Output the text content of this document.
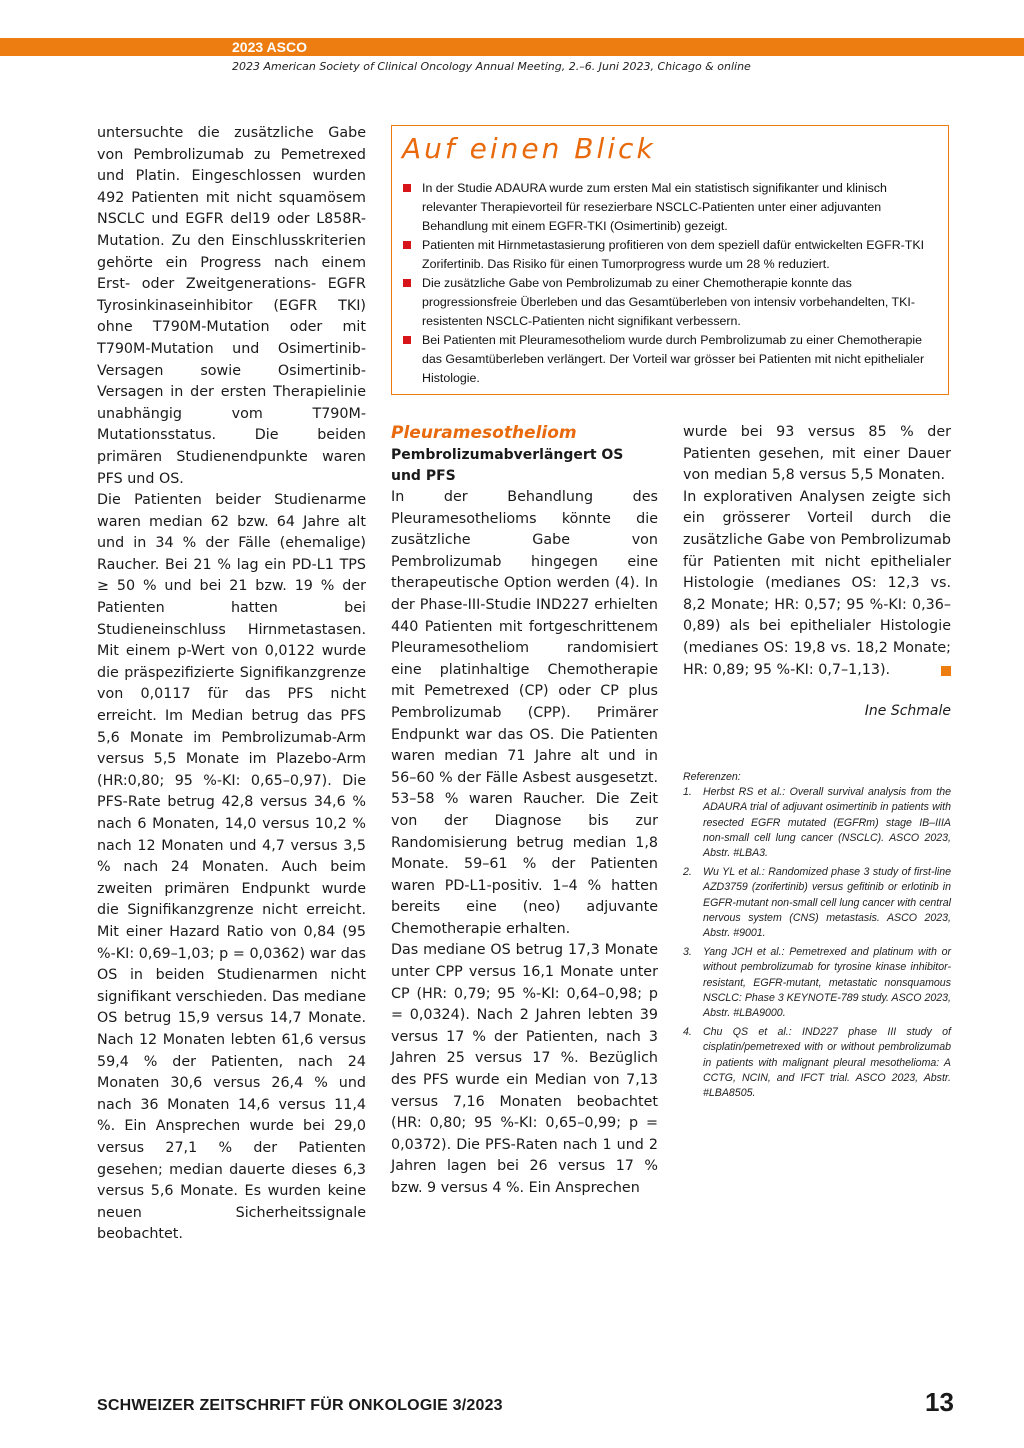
2023 ASCO
2023 American Society of Clinical Oncology Annual Meeting, 2.–6. Juni 2023, Chicago & online

untersuchte die zusätzliche Gabe von Pembrolizumab zu Pemetrexed und Platin. Eingeschlossen wurden 492 Patienten mit nicht squamösem NSCLC und EGFR del19 oder L858R-Mutation. Zu den Einschlusskriterien gehörte ein Progress nach einem Erst- oder Zweitgenerations- EGFR Tyrosinkinaseinhibitor (EGFR TKI) ohne T790M-Mutation oder mit T790M-Mutation und Osimertinib-Versagen sowie Osimertinib-Versagen in der ersten Therapielinie unabhängig vom T790M-Mutationsstatus. Die beiden primären Studienendpunkte waren PFS und OS.

Die Patienten beider Studienarme waren median 62 bzw. 64 Jahre alt und in 34 % der Fälle (ehemalige) Raucher. Bei 21 % lag ein PD-L1 TPS ≥ 50 % und bei 21 bzw. 19 % der Patienten hatten bei Studieneinschluss Hirnmetastasen. Mit einem p-Wert von 0,0122 wurde die präspezifizierte Signifikanzgrenze von 0,0117 für das PFS nicht erreicht. Im Median betrug das PFS 5,6 Monate im Pembrolizumab-Arm versus 5,5 Monate im Plazebo-Arm (HR:0,80; 95 %-KI: 0,65–0,97). Die PFS-Rate betrug 42,8 versus 34,6 % nach 6 Monaten, 14,0 versus 10,2 % nach 12 Monaten und 4,7 versus 3,5 % nach 24 Monaten. Auch beim zweiten primären Endpunkt wurde die Signifikanzgrenze nicht erreicht. Mit einer Hazard Ratio von 0,84 (95 %-KI: 0,69–1,03; p = 0,0362) war das OS in beiden Studienarmen nicht signifikant verschieden. Das mediane OS betrug 15,9 versus 14,7 Monate. Nach 12 Monaten lebten 61,6 versus 59,4 % der Patienten, nach 24 Monaten 30,6 versus 26,4 % und nach 36 Monaten 14,6 versus 11,4 %. Ein Ansprechen wurde bei 29,0 versus 27,1 % der Patienten gesehen; median dauerte dieses 6,3 versus 5,6 Monate. Es wurden keine neuen Sicherheitssignale beobachtet.

Auf einen Blick
In der Studie ADAURA wurde zum ersten Mal ein statistisch signifikanter und klinisch relevanter Therapievorteil für resezierbare NSCLC-Patienten unter einer adjuvanten Behandlung mit einem EGFR-TKI (Osimertinib) gezeigt.
Patienten mit Hirnmetastasierung profitieren von dem speziell dafür entwickelten EGFR-TKI Zorifertinib. Das Risiko für einen Tumorprogress wurde um 28 % reduziert.
Die zusätzliche Gabe von Pembrolizumab zu einer Chemotherapie konnte das progressionsfreie Überleben und das Gesamtüberleben von intensiv vorbehandelten, TKI-resistenten NSCLC-Patienten nicht signifikant verbessern.
Bei Patienten mit Pleuramesotheliom wurde durch Pembrolizumab zu einer Chemotherapie das Gesamtüberleben verlängert. Der Vorteil war grösser bei Patienten mit nicht epithelialer Histologie.

Pleuramesotheliom

Pembrolizumabverlängert OS und PFS

In der Behandlung des Pleuramesothelioms könnte die zusätzliche Gabe von Pembrolizumab hingegen eine therapeutische Option werden (4). In der Phase-III-Studie IND227 erhielten 440 Patienten mit fortgeschrittenem Pleuramesotheliom randomisiert eine platinhaltige Chemotherapie mit Pemetrexed (CP) oder CP plus Pembrolizumab (CPP). Primärer Endpunkt war das OS. Die Patienten waren median 71 Jahre alt und in 56–60 % der Fälle Asbest ausgesetzt. 53–58 % waren Raucher. Die Zeit von der Diagnose bis zur Randomisierung betrug median 1,8 Monate. 59–61 % der Patienten waren PD-L1-positiv. 1–4 % hatten bereits eine (neo) adjuvante Chemotherapie erhalten.

Das mediane OS betrug 17,3 Monate unter CPP versus 16,1 Monate unter CP (HR: 0,79; 95 %-KI: 0,64–0,98; p = 0,0324). Nach 2 Jahren lebten 39 versus 17 % der Patienten, nach 3 Jahren 25 versus 17 %. Bezüglich des PFS wurde ein Median von 7,13 versus 7,16 Monaten beobachtet (HR: 0,80; 95 %-KI: 0,65–0,99; p = 0,0372). Die PFS-Raten nach 1 und 2 Jahren lagen bei 26 versus 17 % bzw. 9 versus 4 %. Ein Ansprechen

wurde bei 93 versus 85 % der Patienten gesehen, mit einer Dauer von median 5,8 versus 5,5 Monaten.

In explorativen Analysen zeigte sich ein grösserer Vorteil durch die zusätzliche Gabe von Pembrolizumab für Patienten mit nicht epithelialer Histologie (medianes OS: 12,3 vs. 8,2 Monate; HR: 0,57; 95 %-KI: 0,36–0,89) als bei epithelialer Histologie (medianes OS: 19,8 vs. 18,2 Monate; HR: 0,89; 95 %-KI: 0,7–1,13).

Ine Schmale
Referenzen:
1. Herbst RS et al.: Overall survival analysis from the ADAURA trial of adjuvant osimertinib in patients with resected EGFR mutated (EGFRm) stage IB–IIIA non-small cell lung cancer (NSCLC). ASCO 2023, Abstr. #LBA3.
2. Wu YL et al.: Randomized phase 3 study of first-line AZD3759 (zorifertinib) versus gefitinib or erlotinib in EGFR-mutant non-small cell lung cancer with central nervous system (CNS) metastasis. ASCO 2023, Abstr. #9001.
3. Yang JCH et al.: Pemetrexed and platinum with or without pembrolizumab for tyrosine kinase inhibitor-resistant, EGFR-mutant, metastatic nonsquamous NSCLC: Phase 3 KEYNOTE-789 study. ASCO 2023, Abstr. #LBA9000.
4. Chu QS et al.: IND227 phase III study of cisplatin/pemetrexed with or without pembrolizumab in patients with malignant pleural mesothelioma: A CCTG, NCIN, and IFCT trial. ASCO 2023, Abstr. #LBA8505.
SCHWEIZER ZEITSCHRIFT FÜR ONKOLOGIE 3/2023	13
